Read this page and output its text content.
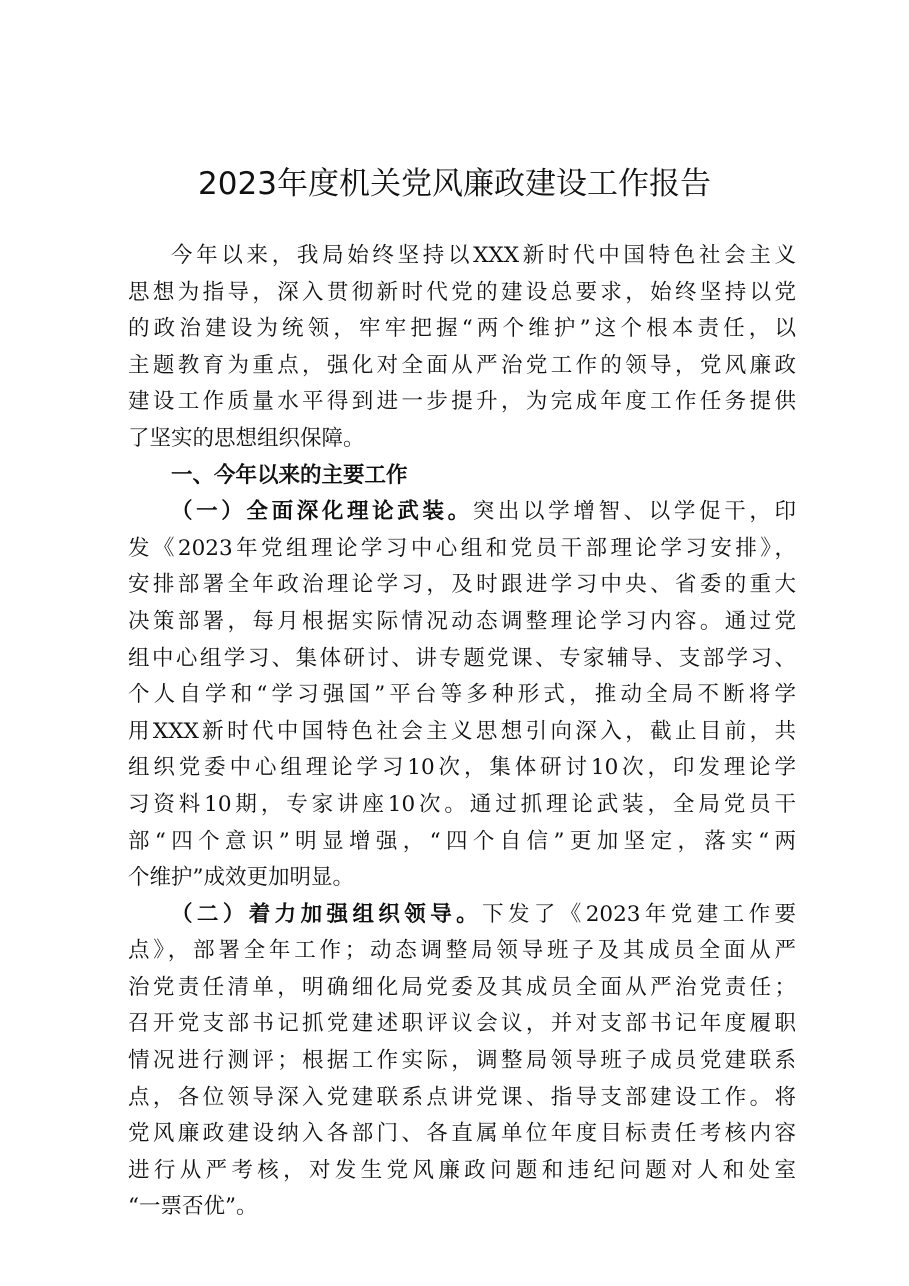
2023年度机关党风廉政建设工作报告
今年以来，我局始终坚持以XXX新时代中国特色社会主义
思想为指导，深入贯彻新时代党的建设总要求，始终坚持以党
的政治建设为统领，牢牢把握“两个维护”这个根本责任，以
主题教育为重点，强化对全面从严治党工作的领导，党风廉政
建设工作质量水平得到进一步提升，为完成年度工作任务提供
了坚实的思想组织保障。
一、今年以来的主要工作
（一）全面深化理论武装。突出以学增智、以学促干，印
发《2023年党组理论学习中心组和党员干部理论学习安排》，
安排部署全年政治理论学习，及时跟进学习中央、省委的重大
决策部署，每月根据实际情况动态调整理论学习内容。通过党
组中心组学习、集体研讨、讲专题党课、专家辅导、支部学习、
个人自学和“学习强国”平台等多种形式，推动全局不断将学
用XXX新时代中国特色社会主义思想引向深入，截止目前，共
组织党委中心组理论学习10次，集体研讨10次，印发理论学
习资料10期，专家讲座10次。通过抓理论武装，全局党员干
部“四个意识”明显增强，“四个自信”更加坚定，落实“两
个维护”成效更加明显。
（二）着力加强组织领导。下发了《2023年党建工作要
点》，部署全年工作；动态调整局领导班子及其成员全面从严
治党责任清单，明确细化局党委及其成员全面从严治党责任；
召开党支部书记抓党建述职评议会议，并对支部书记年度履职
情况进行测评；根据工作实际，调整局领导班子成员党建联系
点，各位领导深入党建联系点讲党课、指导支部建设工作。将
党风廉政建设纳入各部门、各直属单位年度目标责任考核内容
进行从严考核，对发生党风廉政问题和违纪问题对人和处室
“一票否优”。
